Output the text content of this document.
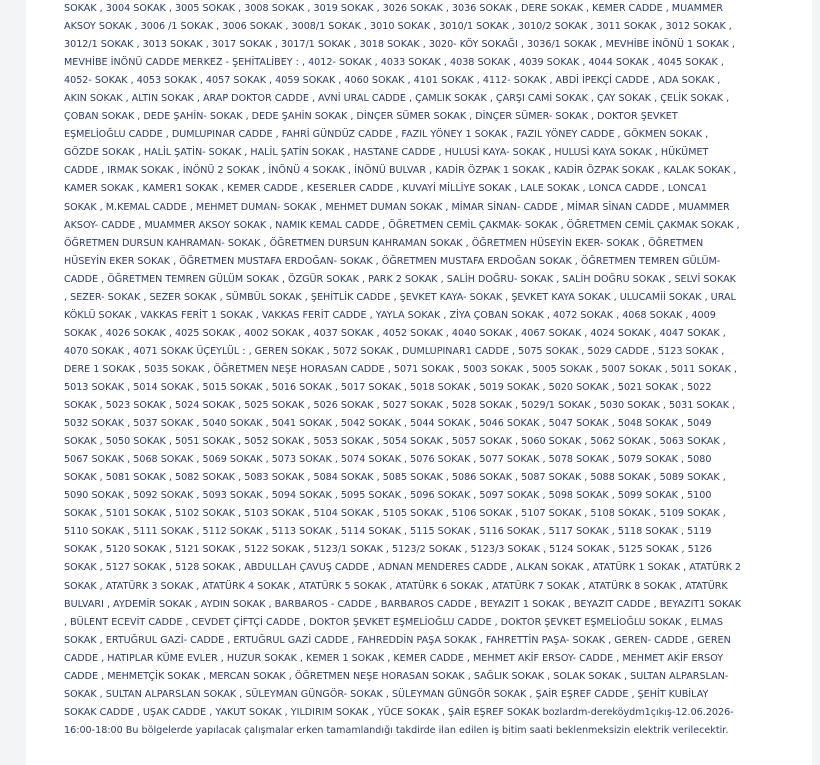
SOKAK , 3004 SOKAK , 3005 SOKAK , 3008 SOKAK , 3019 SOKAK , 3026 SOKAK , 3036 SOKAK , DERE SOKAK , KEMER CADDE , MUAMMER AKSOY SOKAK , 3006 /1 SOKAK , 3006 SOKAK , 3008/1 SOKAK , 3010 SOKAK , 3010/1 SOKAK , 3010/2 SOKAK , 3011 SOKAK , 3012 SOKAK , 3012/1 SOKAK , 3013 SOKAK , 3017 SOKAK , 3017/1 SOKAK , 3018 SOKAK , 3020- KÖY SOKAĞI , 3036/1 SOKAK , MEVHİBE İNÖNÜ 1 SOKAK , MEVHİBE İNÖNÜ CADDE MERKEZ - ŞEHİTALİBEY : , 4012- SOKAK , 4033 SOKAK , 4038 SOKAK , 4039 SOKAK , 4044 SOKAK , 4045 SOKAK , 4052- SOKAK , 4053 SOKAK , 4057 SOKAK , 4059 SOKAK , 4060 SOKAK , 4101 SOKAK , 4112- SOKAK , ABDİ İPEKÇİ CADDE , ADA SOKAK , AKIN SOKAK , ALTIN SOKAK , ARAP DOKTOR CADDE , AVNİ URAL CADDE , ÇAMLIK SOKAK , ÇARŞI CAMİ SOKAK , ÇAY SOKAK , ÇELİK SOKAK , ÇOBAN SOKAK , DEDE ŞAHİN- SOKAK , DEDE ŞAHİN SOKAK , DİNÇER SÜMER SOKAK , DİNÇER SÜMER- SOKAK , DOKTOR ŞEVKET EŞMELİOĞLU CADDE , DUMLUPINAR CADDE , FAHRİ GÜNDÜZ CADDE , FAZIL YÖNEY 1 SOKAK , FAZIL YÖNEY CADDE , GÖKMEN SOKAK , GÖZDE SOKAK , HALİL ŞATİN- SOKAK , HALİL ŞATİN SOKAK , HASTANE CADDE , HULUSİ KAYA- SOKAK , HULUSİ KAYA SOKAK , HÜKÜMET CADDE , IRMAK SOKAK , İNÖNÜ 2 SOKAK , İNÖNÜ 4 SOKAK , İNÖNÜ BULVAR , KADİR ÖZPAK 1 SOKAK , KADİR ÖZPAK SOKAK , KALAK SOKAK , KAMER SOKAK , KAMER1 SOKAK , KEMER CADDE , KESERLER CADDE , KUVAYİ MİLLİYE SOKAK , LALE SOKAK , LONCA CADDE , LONCA1 SOKAK , M.KEMAL CADDE , MEHMET DUMAN- SOKAK , MEHMET DUMAN SOKAK , MİMAR SİNAN- CADDE , MİMAR SİNAN CADDE , MUAMMER AKSOY- CADDE , MUAMMER AKSOY SOKAK , NAMIK KEMAL CADDE , ÖĞRETMEN CEMİL ÇAKMAK- SOKAK , ÖĞRETMEN CEMİL ÇAKMAK SOKAK , ÖĞRETMEN DURSUN KAHRAMAN- SOKAK , ÖĞRETMEN DURSUN KAHRAMAN SOKAK , ÖĞRETMEN HÜSEYİN EKER- SOKAK , ÖĞRETMEN HÜSEYİN EKER SOKAK , ÖĞRETMEN MUSTAFA ERDOĞAN- SOKAK , ÖĞRETMEN MUSTAFA ERDOĞAN SOKAK , ÖĞRETMEN TEMREN GÜLÜM- CADDE , ÖĞRETMEN TEMREN GÜLÜM SOKAK , ÖZGÜR SOKAK , PARK 2 SOKAK , SALİH DOĞRU- SOKAK , SALİH DOĞRU SOKAK , SELVİ SOKAK , SEZER- SOKAK , SEZER SOKAK , SÜMBÜL SOKAK , ŞEHİTLİK CADDE , ŞEVKET KAYA- SOKAK , ŞEVKET KAYA SOKAK , ULUCAMİİ SOKAK , URAL KÖKLÜ SOKAK , VAKKAS FERİT 1 SOKAK , VAKKAS FERİT CADDE , YAYLA SOKAK , ZİYA ÇOBAN SOKAK , 4072 SOKAK , 4068 SOKAK , 4009 SOKAK , 4026 SOKAK , 4025 SOKAK , 4002 SOKAK , 4037 SOKAK , 4052 SOKAK , 4040 SOKAK , 4067 SOKAK , 4024 SOKAK , 4047 SOKAK , 4070 SOKAK , 4071 SOKAK ÜÇEYLÜL : , GEREN SOKAK , 5072 SOKAK , DUMLUPINAR1 CADDE , 5075 SOKAK , 5029 CADDE , 5123 SOKAK , DERE 1 SOKAK , 5035 SOKAK , ÖĞRETMEN NEŞE HORASAN CADDE , 5071 SOKAK , 5003 SOKAK , 5005 SOKAK , 5007 SOKAK , 5011 SOKAK , 5013 SOKAK , 5014 SOKAK , 5015 SOKAK , 5016 SOKAK , 5017 SOKAK , 5018 SOKAK , 5019 SOKAK , 5020 SOKAK , 5021 SOKAK , 5022 SOKAK , 5023 SOKAK , 5024 SOKAK , 5025 SOKAK , 5026 SOKAK , 5027 SOKAK , 5028 SOKAK , 5029/1 SOKAK , 5030 SOKAK , 5031 SOKAK , 5032 SOKAK , 5037 SOKAK , 5040 SOKAK , 5041 SOKAK , 5042 SOKAK , 5044 SOKAK , 5046 SOKAK , 5047 SOKAK , 5048 SOKAK , 5049 SOKAK , 5050 SOKAK , 5051 SOKAK , 5052 SOKAK , 5053 SOKAK , 5054 SOKAK , 5057 SOKAK , 5060 SOKAK , 5062 SOKAK , 5063 SOKAK , 5067 SOKAK , 5068 SOKAK , 5069 SOKAK , 5073 SOKAK , 5074 SOKAK , 5076 SOKAK , 5077 SOKAK , 5078 SOKAK , 5079 SOKAK , 5080 SOKAK , 5081 SOKAK , 5082 SOKAK , 5083 SOKAK , 5084 SOKAK , 5085 SOKAK , 5086 SOKAK , 5087 SOKAK , 5088 SOKAK , 5089 SOKAK , 5090 SOKAK , 5092 SOKAK , 5093 SOKAK , 5094 SOKAK , 5095 SOKAK , 5096 SOKAK , 5097 SOKAK , 5098 SOKAK , 5099 SOKAK , 5100 SOKAK , 5101 SOKAK , 5102 SOKAK , 5103 SOKAK , 5104 SOKAK , 5105 SOKAK , 5106 SOKAK , 5107 SOKAK , 5108 SOKAK , 5109 SOKAK , 5110 SOKAK , 5111 SOKAK , 5112 SOKAK , 5113 SOKAK , 5114 SOKAK , 5115 SOKAK , 5116 SOKAK , 5117 SOKAK , 5118 SOKAK , 5119 SOKAK , 5120 SOKAK , 5121 SOKAK , 5122 SOKAK , 5123/1 SOKAK , 5123/2 SOKAK , 5123/3 SOKAK , 5124 SOKAK , 5125 SOKAK , 5126 SOKAK , 5127 SOKAK , 5128 SOKAK , ABDULLAH ÇAVUŞ CADDE , ADNAN MENDERES CADDE , ALKAN SOKAK , ATATÜRK 1 SOKAK , ATATÜRK 2 SOKAK , ATATÜRK 3 SOKAK , ATATÜRK 4 SOKAK , ATATÜRK 5 SOKAK , ATATÜRK 6 SOKAK , ATATÜRK 7 SOKAK , ATATÜRK 8 SOKAK , ATATÜRK BULVARI , AYDEMİR SOKAK , AYDIN SOKAK , BARBAROS - CADDE , BARBAROS CADDE , BEYAZIT 1 SOKAK , BEYAZIT CADDE , BEYAZIT1 SOKAK , BÜLENT ECEVİT CADDE , CEVDET ÇİFTÇİ CADDE , DOKTOR ŞEVKET EŞMELİOĞLU CADDE , DOKTOR ŞEVKET EŞMELİOĞLU SOKAK , ELMAS SOKAK , ERTUĞRUL GAZİ- CADDE , ERTUĞRUL GAZİ CADDE , FAHREDDİN PAŞA SOKAK , FAHRETTİN PAŞA- SOKAK , GEREN- CADDE , GEREN CADDE , HATIPLAR KÜME EVLER , HUZUR SOKAK , KEMER 1 SOKAK , KEMER CADDE , MEHMET AKİF ERSOY- CADDE , MEHMET AKİF ERSOY CADDE , MEHMETÇİK SOKAK , MERCAN SOKAK , ÖĞRETMEN NEŞE HORASAN SOKAK , SAĞLIK SOKAK , SOLAK SOKAK , SULTAN ALPARSLAN- SOKAK , SULTAN ALPARSLAN SOKAK , SÜLEYMAN GÜNGÖR- SOKAK , SÜLEYMAN GÜNGÖR SOKAK , ŞAİR EŞREF CADDE , ŞEHİT KUBİLAY SOKAK CADDE , UŞAK CADDE , YAKUT SOKAK , YILDIRIM SOKAK , YÜCE SOKAK , ŞAİR EŞREF SOKAK bozlardm-dereköydm1çıkış-12.06.2026-16:00-18:00 Bu bölgelerde yapılacak çalışmalar erken tamamlandığı takdirde ilan edilen iş bitim saati beklenmeksizin elektrik verilecektir.
